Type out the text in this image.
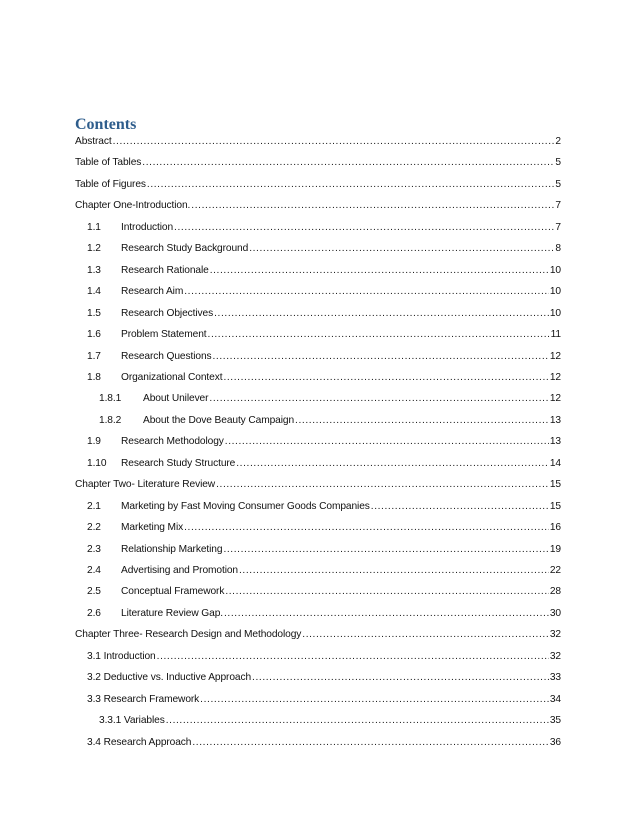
Contents
Abstract .....	2
Table of Tables .....	5
Table of Figures .....	5
Chapter One-Introduction. .....	7
1.1	Introduction .....	7
1.2	Research Study Background .....	8
1.3	Research Rationale .....	10
1.4	Research Aim .....	10
1.5	Research Objectives .....	10
1.6	Problem Statement .....	11
1.7	Research Questions .....	12
1.8	Organizational Context .....	12
1.8.1	About Unilever .....	12
1.8.2	About the Dove Beauty Campaign .....	13
1.9	Research Methodology .....	13
1.10	Research Study Structure .....	14
Chapter Two- Literature Review .....	15
2.1	Marketing by Fast Moving Consumer Goods Companies .....	15
2.2	Marketing Mix .....	16
2.3	Relationship Marketing .....	19
2.4	Advertising and Promotion .....	22
2.5	Conceptual Framework .....	28
2.6	Literature Review Gap. .....	30
Chapter Three- Research Design and Methodology .....	32
3.1 Introduction .....	32
3.2 Deductive vs. Inductive Approach .....	33
3.3 Research Framework .....	34
3.3.1 Variables .....	35
3.4 Research Approach .....	36
